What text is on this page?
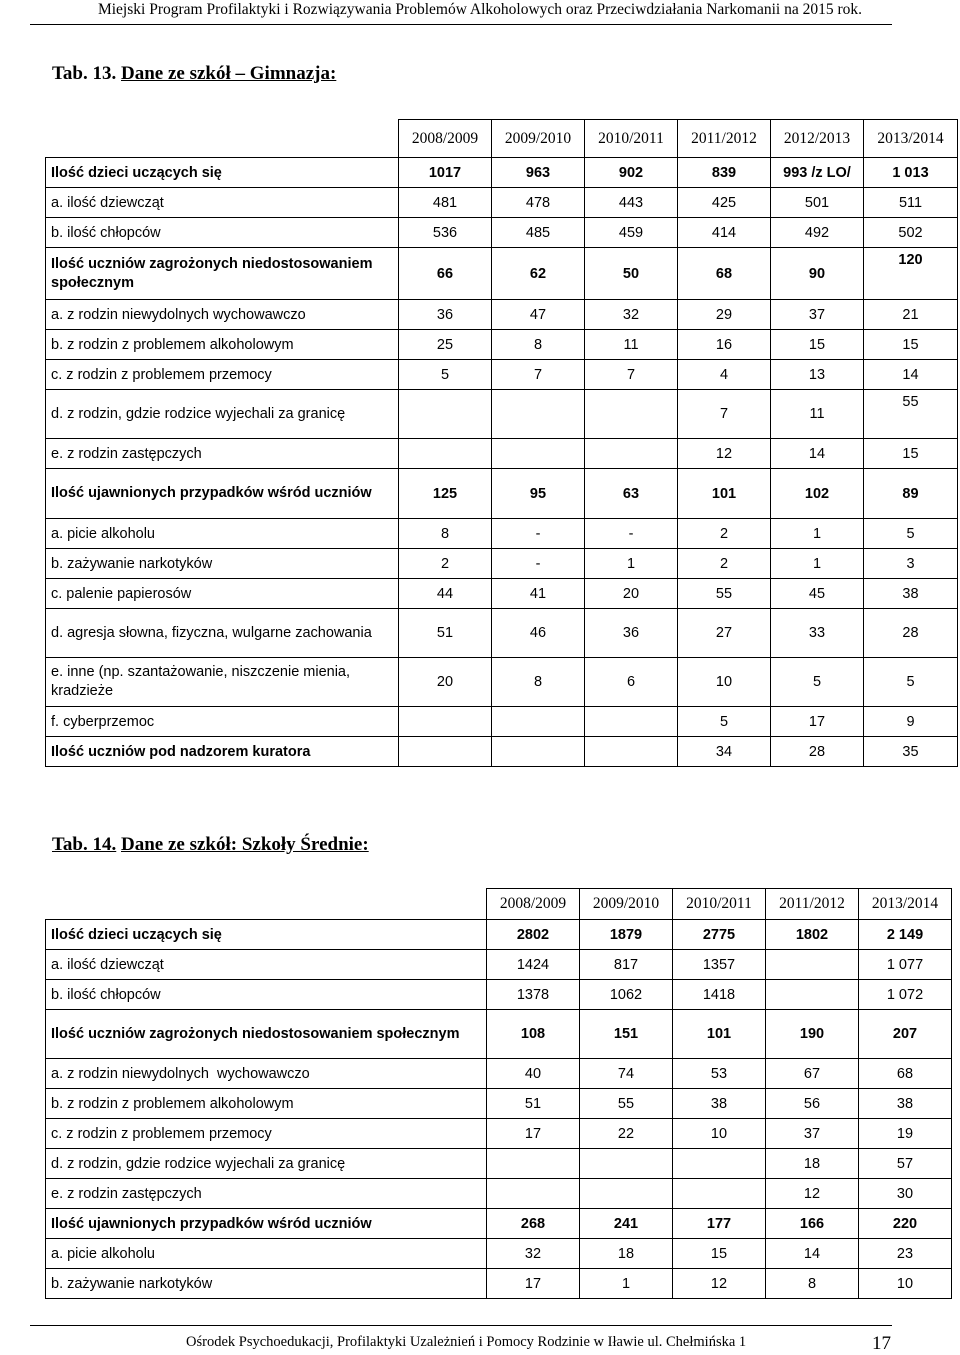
Miejski Program Profilaktyki i Rozwiązywania Problemów Alkoholowych oraz Przeciwdziałania Narkomanii na 2015 rok.
Tab. 13. Dane ze szkół – Gimnazja:
	2008/2009	2009/2010	2010/2011	2011/2012	2012/2013	2013/2014
Ilość dzieci uczących się	1017	963	902	839	993 /z LO/	1 013
a. ilość dziewcząt	481	478	443	425	501	511
b. ilość chłopców	536	485	459	414	492	502
Ilość uczniów zagrożonych niedostosowaniem społecznym	66	62	50	68	90	120
a. z rodzin niewydolnych wychowawczo	36	47	32	29	37	21
b. z rodzin z problemem alkoholowym	25	8	11	16	15	15
c. z rodzin z problemem przemocy	5	7	7	4	13	14
d. z rodzin, gdzie rodzice wyjechali za granicę				7	11	55
e. z rodzin zastępczych				12	14	15
Ilość ujawnionych przypadków wśród uczniów	125	95	63	101	102	89
a. picie alkoholu	8	-	-	2	1	5
b. zażywanie narkotyków	2	-	1	2	1	3
c. palenie papierosów	44	41	20	55	45	38
d. agresja słowna, fizyczna, wulgarne zachowania	51	46	36	27	33	28
e. inne (np. szantażowanie, niszczenie mienia, kradzieże	20	8	6	10	5	5
f. cyberprzemoc				5	17	9
Ilość uczniów pod nadzorem kuratora				34	28	35
Tab. 14. Dane ze szkół: Szkoły Średnie:
	2008/2009	2009/2010	2010/2011	2011/2012	2013/2014
Ilość dzieci uczących się	2802	1879	2775	1802	2 149
a. ilość dziewcząt	1424	817	1357		1 077
b. ilość chłopców	1378	1062	1418		1 072
Ilość uczniów zagrożonych niedostosowaniem społecznym	108	151	101	190	207
a. z rodzin niewydolnych  wychowawczo	40	74	53	67	68
b. z rodzin z problemem alkoholowym	51	55	38	56	38
c. z rodzin z problemem przemocy	17	22	10	37	19
d. z rodzin, gdzie rodzice wyjechali za granicę				18	57
e. z rodzin zastępczych				12	30
Ilość ujawnionych przypadków wśród uczniów	268	241	177	166	220
a. picie alkoholu	32	18	15	14	23
b. zażywanie narkotyków	17	1	12	8	10
Ośrodek Psychoedukacji, Profilaktyki Uzależnień i Pomocy Rodzinie w Iławie ul. Chełmińska 1	17
